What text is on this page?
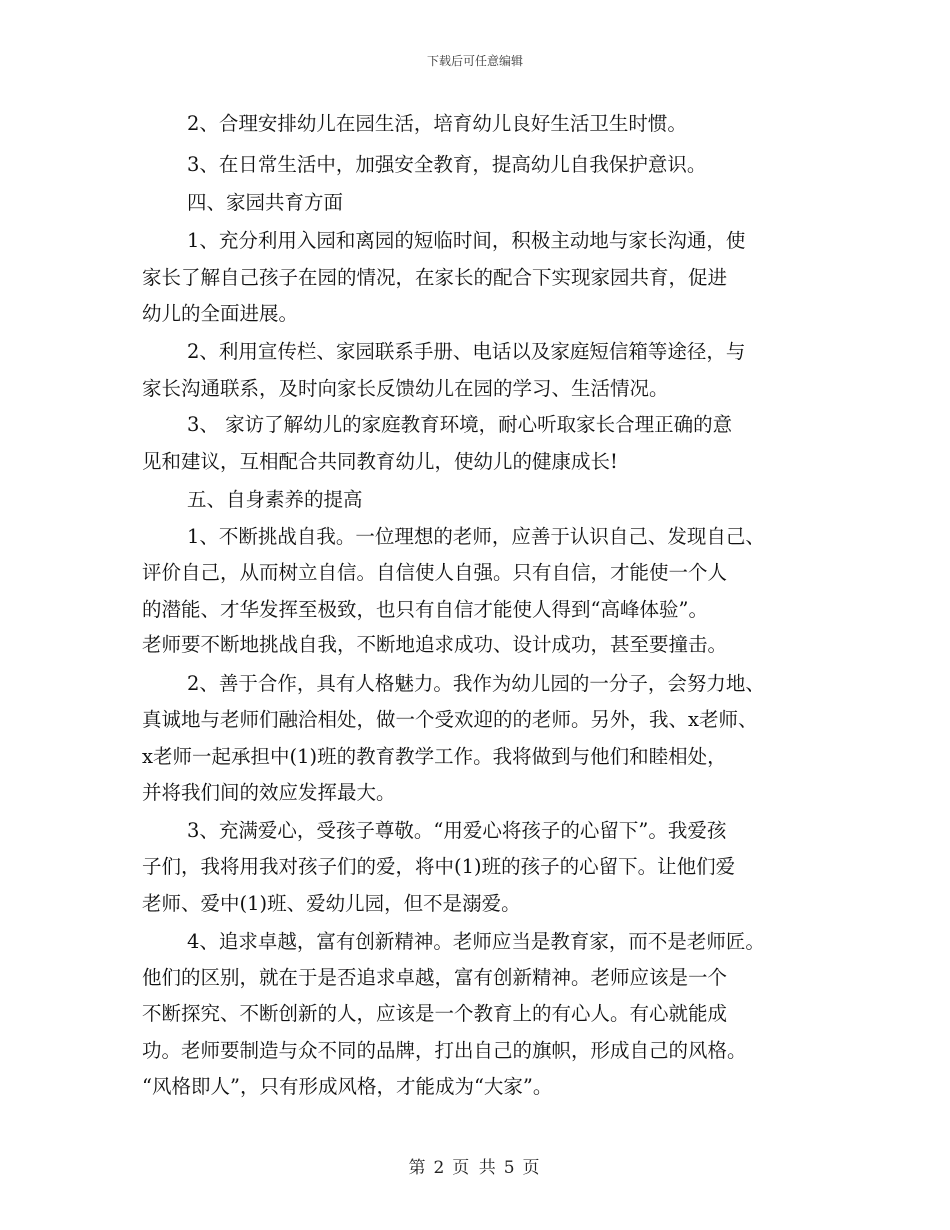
下载后可任意编辑
2、合理安排幼儿在园生活，培育幼儿良好生活卫生时惯。
3、在日常生活中，加强安全教育，提高幼儿自我保护意识。
四、家园共育方面
1、充分利用入园和离园的短临时间，积极主动地与家长沟通，使
家长了解自己孩子在园的情况，在家长的配合下实现家园共育，促进
幼儿的全面进展。
2、利用宣传栏、家园联系手册、电话以及家庭短信箱等途径，与
家长沟通联系，及时向家长反馈幼儿在园的学习、生活情况。
3、 家访了解幼儿的家庭教育环境，耐心听取家长合理正确的意
见和建议，互相配合共同教育幼儿，使幼儿的健康成长!
五、自身素养的提高
1、不断挑战自我。一位理想的老师，应善于认识自己、发现自己、
评价自己，从而树立自信。自信使人自强。只有自信，才能使一个人
的潜能、才华发挥至极致，也只有自信才能使人得到“高峰体验”。
老师要不断地挑战自我，不断地追求成功、设计成功，甚至要撞击。
2、善于合作，具有人格魅力。我作为幼儿园的一分子，会努力地、
真诚地与老师们融洽相处，做一个受欢迎的的老师。另外，我、x老师、
x老师一起承担中(1)班的教育教学工作。我将做到与他们和睦相处，
并将我们间的效应发挥最大。
3、充满爱心，受孩子尊敬。“用爱心将孩子的心留下”。我爱孩
子们，我将用我对孩子们的爱，将中(1)班的孩子的心留下。让他们爱
老师、爱中(1)班、爱幼儿园，但不是溺爱。
4、追求卓越，富有创新精神。老师应当是教育家，而不是老师匠。
他们的区别，就在于是否追求卓越，富有创新精神。老师应该是一个
不断探究、不断创新的人，应该是一个教育上的有心人。有心就能成
功。老师要制造与众不同的品牌，打出自己的旗帜，形成自己的风格。
“风格即人”，只有形成风格，才能成为“大家”。
第 2 页 共 5 页
